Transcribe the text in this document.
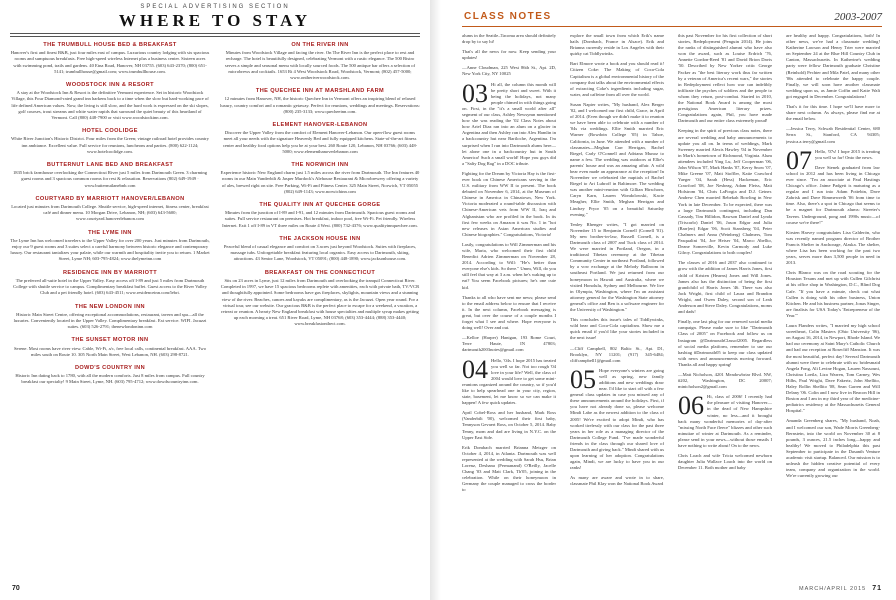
SPECIAL ADVERTISING SECTION
WHERE TO STAY
THE TRUMBULL HOUSE BED & BREAKFAST
Hanover's first and finest B&B, just four miles east of campus. Luxurious country lodging with six spacious rooms and sumptuous breakfasts. Free high-speed wireless Internet plus a business center. Sixteen acres with swimming pond, trails and gardens. 40 Etna Road, Hanover, NH 03755. (603) 643-2370; (800) 651-5141; trumbullhouse@gmail.com; www.trumbullhouse.com.
WOODSTOCK INN & RESORT
A stay at the Woodstock Inn & Resort is the definitive Vermont experience. Set in historic Woodstock Village, this Four Diamond-rated grand inn harkens back to a time when the slow but hard-working pace of life defined American values. Now, the living is still slow, and the hard work is expressed on the ski slopes, golf courses, trout streams and white water rapids that surround the quiet beauty of this heartland of Vermont. Call (800) 448-7900 or visit www.woodstockinn.com.
HOTEL COOLIDGE
White River Junction's Historic District. Four miles from the Green; vintage railroad hotel provides country inn ambiance. Excellent value. Full service for reunions, luncheons and parties. (800) 622-1124; www.hotelcoolidge.com.
BUTTERNUT LANE BED AND BREAKFAST
1835 brick farmhouse overlooking the Connecticut River just 5 miles from Dartmouth Green. 3 charming guest rooms and 3 spacious common rooms for rest & relaxation. Reservations (802) 649-1949 · www.butternutlanebnb.com
COURTYARD BY MARRIOTT HANOVER/LEBANON
Located just minutes from Dartmouth College. Shuttle service, high-speed internet, fitness center, breakfast café and dinner menu. 10 Morgan Drive, Lebanon, NH; (603) 643-5600; www.courtyard.hanoverlebanon.com
THE LYME INN
The Lyme Inn has welcomed travelers to the Upper Valley for over 200 years. Just minutes from Dartmouth, enjoy our 9 guest rooms and 3 suites select a careful harmony between historic elegance and contemporary luxury. Our restaurant tantalizes your palate, while our warmth and hospitality invite you to return. 1 Market Street, Lyme NH; 603-795-4824; www.thelymeinn.com
RESIDENCE INN BY MARRIOTT
The preferred all-suite hotel in the Upper Valley. Easy access off I-89 and just 5 miles from Dartmouth College with shuttle service to campus. Complimentary breakfast buffet. Guest access to the River Valley Club and a pet friendly hotel. (603) 643-4511; www.residenceinn.com/lebri.
THE NEW LONDON INN
Historic Main Street Centre, offering exceptional accommodations, restaurant, tavern and spa—all the luxuries. Conveniently located in the Upper Valley. Complimentary breakfast. Ext service. WIFI. Jacuzzi suites. (603) 526-2791; thenewlondoninn.com
THE SUNSET MOTOR INN
Serene. Most rooms have river view. Cable, Wi-Fi, a/c, free local calls, continental breakfast. AAA. Two miles south on Route 10. 305 North Main Street, West Lebanon, NH. (603) 298-8721.
DOWD'S COUNTRY INN
Historic Inn dating back to 1780, with all the modern comforts. Just 8 miles from campus. Full country breakfast our specialty! 9 Main Street, Lyme, NH. (603) 795-4712; www.dowdscountryinn.com.
ON THE RIVER INN
Minutes from Woodstock Village and facing the river. On The River Inn is the perfect place to rest and recharge. The hotel is beautifully designed, celebrating Vermont with a rustic elegance. The 500 Bistro serves a simple and seasonal menu with locally sourced foods. The 500 antique bar offers a selection of microbrews and cocktails. 1653 Rt 4 West Woodstock Road, Woodstock, Vermont; (802) 457-5000; www.ontheriverwoodstock.com.
THE QUECHEE INN AT MARSHLAND FARM
12 minutes from Hanover, NH, the historic Quechee Inn in Vermont offers an inspiring blend of relaxed luxury, country comfort and a romantic getaway. Perfect for reunions, weddings and meetings. Reservations: (800) 235-3133; www.quecheeinn.com.
ELEMENT HANOVER-LEBANON
Discover the Upper Valley from the comfort of Element Hanover-Lebanon. Our open-flow guest rooms meet all your needs with the signature Heavenly Bed and fully equipped kitchens. State-of-the-art fitness center and healthy food options help you be at your best. 260 Route 120, Lebanon, NH 03766; (603) 448-5000; www.elementhanoverlebanon.com
THE NORWICH INN
Experience historic New England charm just 1.5 miles across the river from Dartmouth. The Inn features 40 rooms in our Main Vanderbilt & Jasper Murdock's Alehouse Restaurant & Microbrewery offering a variety of ales, brewed right on site. Free Parking, Wi-Fi and Fitness Center. 325 Main Street, Norwich, VT 05055 (802) 649-1143; www.norwichinn.com
THE QUALITY INN AT QUECHEE GORGE
Minutes from the junction of I-89 and I-91, and 12 minutes from Dartmouth. Spacious guest rooms and suites. Full service restaurant on premises. Hot breakfast, indoor pool, free Wi-Fi. Pet friendly. Wireless Internet. Exit 1 off I-89 in VT three miles on Route 4 West. (800) 732-4376; www.qualityinnquechee.com.
THE JACKSON HOUSE INN
Peaceful blend of casual elegance and comfort on 3 acres just beyond Woodstock. Suites with fireplaces, massage tubs. Unforgettable breakfast featuring local organics. Easy access to Dartmouth, skiing, attractions. 43 Senior Lane, Woodstock, VT 05091; (800) 448-1890; www.jacksonhouse.com.
BREAKFAST ON THE CONNECTICUT
Sits on 23 acres in Lyme, just 12 miles from Dartmouth and overlooking the tranquil Connecticut River. Completed in 1997, we have 15 spacious bedrooms replete with amenities, each with private bath, TV/VCR and thoughtfully appointed. Some bedrooms have gas fireplaces, skylights, mountain views and a stunning view of the river. Beaches, canoes and kayaks are complimentary, as is the Jacuzzi. Open year round. For a virtual tour, see our website. Our gracious B&B is the perfect place to escape for a weekend, a vacation, a retreat or reunion. A hearty New England breakfast with house specialties and multiple syrup makes getting up each morning a treat. 651 River Road, Lyme, NH 03768; (603) 353-4444; (888) 353-4440; www.breakfastonthect.com.
70
CLASS NOTES	2003-2007

alums in the Seattle–Tacoma area should definitely drop by to say hi!

That's all the news for now. Keep sending your updates!

—Anne Cloudman, 225 West 86th St., Apt. 2D, New York City, NY 10025

03 Hi all, the column this month will be pretty short and sweet. With it being the holidays, not many people chimed in with things going on. First, in the "it's a small world after all" segment of our class, Ashley Newsymn mentioned how she was reading the '02 Class Notes about how Ariel Diaz ran into an alum on a glacier in Argentina and then Ashley ran into Alex Hamlin in a backcountry hut near Bariloche, Argentina. I'm surprised when I run into Dartmouth alums here—let alone one in a backcountry hut in South America! Such a small world! Hope you guys did a "Salty Dog Rag" in a DOC tribute.

Fighting for the Dream by Victoria Hay is the first-ever book on Chinese Americans serving in the U.S. military from WW II to present. The book debuted on November 6, 2014, at the Museum of Chinese in America in Chinatown, New York. Victoria moderated a round-table discussion with Chinese-American vets from WW II, Iraq and Afghanistan who are profiled in the book. In its first few weeks on Amazon it was No. 1 in "hot new releases in Asian American studies and Chinese biographies." Congratulations, Victoria!

Lastly, congratulations to Will Zimmerman and his wife, Maria, who welcomed their first child Benedict Adrien Zimmerman on November 28, 2014. According to Will: "He's better than everyone else's kids. So there." Umm, Will, do you still feel that way at 3 a.m. when he's waking up to eat? You seem Facebook pictures; he's one cute kid.

Thanks to all who have sent me news; please send to the email address below to ensure that I receive it. In the next column, Facebook messaging is great, but over the course of a couple months I forget what I see and where. Hope everyone is doing well! Over and out.

—Kelloe (Harper) Hanigan, 193 Rome Court, Terre Haute, IN 47803; dartmouth2003notes@gmail.com

04 Hello, '04s. I hope 2015 has treated you well so far. Not too rough '04 love in your life? Well, the class of 2004 would love to get some mini-reunions organized around the country, so if you'd like to help spearhead one in your city, region, state, basement, let me know so we can make it happen! A few quick updates.

April Cobel-Ross and her husband, Mark Ross (Vanderbilt '00), welcomed their first baby, Tennyson Gevaert Ross, on October 5, 2014. Baby Tenny, mom and dad are living in N.Y.C. on the Upper East Side.

Erik Dombach married Brianna Metzger on October 4, 2014, in Atlanta. Dartmouth was well represented at the wedding with Sarah Hsu, Brian Lorenz, Deshana (Permanand) O'Reilly, Jacelle Chang '03 and Matt Clark, Th'05, joining in the celebration. While on their honeymoon in Germany the couple managed to cross the border to

explore the small town from which Erik's name hails (Dornbach, France in Alsace). Erik and Brianna currently reside in Los Angeles with their quirky cat Tiddlywinks.

Bart Elmore wrote a book and you should read it! Citizen Coke: The Making of Coca-Cola Capitalism is a global environmental history of the company that talks about the environmental effects of extracting Coke's ingredients including sugar, water, and caffeine from all over the world.

Susan Napier writes, "My husband, Alex Berger '02, and I welcomed our first child, Grace, in April of 2014. (Even though we didn't make it to reunion we have been able to celebrate with a number of '04s via weddings. Ellie Smith married Eric Warner (Bowdoin College '05) in Tahoe, California, in June. We attended with a number of classmates—Meghan Carr Herrigan, Rachel Riegel, Carly O'Connell and Adriana Munoz to name a few. The wedding was outdoors at Ellie's parents' house and was an amazing affair. A wild bear even made an appearance at the reception! In November we celebrated the nuptials of Rachel Riegel to Ari Lubroff in Baltimore. The wedding was another mini-reunion with Gillian Hirschorn, Caryn Karn, Lauren Wondolowski, Kacie Meagher, Ellie Smith, Meghan Herrigan and Lindsey Pryor '05 on a beautiful Saturday evening."

Tenley Rhenger writes, "I got married on November 15 to Benjamin Cornell (Cornell '01). My new brother-in-law, Russell Cornell, is a Dartmouth class of 2007 and Tuck class of 2014. We were married in Portland, Oregon, in a traditional Tibetan ceremony at the Tibetan Community Center in northeast Portland, followed by a vow exchange at the Melody Ballroom in southeast Portland. We just returned from our honeymoon in Hawaii and Australia, where we visited Honolulu, Sydney and Melbourne. We live in Olympia, Washington, where I'm an assistant attorney general for the Washington State attorney general's office and Ben is a software engineer for the University of Washington."

This concludes this issue's tales of Tiddlywinks, wild bear and Coca-Cola capitalism. Show me a quick email if you'd like your stories included in the next issue!

—Cliff Campbell, 802 Baltic St., Apt. D1, Brooklyn, NY 11201; (917) 345-6484; cliffcampbell1@gmail.com

05 Hope everyone's winters are going well as spring, new family additions and new weddings draw near. I'd like to start off with a few general class updates in case you missed any of these announcements around the holidays. First, if you have not already done so, please welcome Mindi Labe as the newest addition to the class of 2005! We're excited to adopt Mindi, who has worked tirelessly with our class for the past three years in her role as a managing director of the Dartmouth College Fund. "I've made wonderful friends in the class through our shared love of Dartmouth and giving back." Mindi shared with us upon learning of her adoption. Congratulations again, Mindi, we are lucky to have you in our ranks!

As many are aware and wrote in to share, classmate Phil Klay won the National Book Award

this past November for his first collection of short stories, Redeployment (Penguin 2014). He joins the ranks of distinguished alumni who have also won the award, such as Louise Erdrich '76, Annette Gordon-Reed '81 and David Brion Davis '50. Described by New Yorker critic George Packer as "the best literary work thus far written by a veteran of America's recent wars," the stories in Redeployment reflect how war can indelibly infiltrate the psyches of soldiers and the people to whom they return, post-combat. Started in 2010, the National Book Award is among the most prestigious American literary prizes. Congratulations again, Phil, you have made Dartmouth and our entire class extremely proud!

Keeping in the spirit of previous class notes, there are several wedding and baby announcements to update you all on. In terms of weddings, Mark Sweeney married Alexis Hawley '04 in November in Mark's hometown of Richmond, Virginia. Alum attendees included Ying Lu, Jeff Cooperman '06, John Wilson '07, Mark Hanks '07, Kerry Snow '07, Mike Greene '07, Matt Stoffler, Katie Crawford Yaeger '04, Sarah (Hess) Hackeman, Eric Crawford '08, Joe Nesbeag, Adam Fleiss, Matt Holstrom '04, Chris LaForgia and D.J. Geiner. Andrew Chen married Rebekah Bowling in New York in late December. To be expected, there was a large Dartmouth contingent, including Dan Cassady, Tim Hillidon, Rawson Daniel and Lynda (Triscarlo) Daniel '06, Jason Edgar and Julia (Barr)en) Edgar '06, Scott Stansberg '04, Peter Chalmers and Anna (Weinberg) Chalmers, Tom Pasqualini '04, Joe Heiser '04, Marco Abellto, Deane Somerville, Kevin Carmody and Luke Gilroy. Congratulations to both couples!

The classes of 2016 and 2037 also continued to grow with the addition of James Harris Jones, first child of Kristen (Hearns) Jones and Will Jones. James also has the distinction of being the first grandchild of Harris Jones '46. There was also Jack Wright, first child of Laura and Brandon Wright, and Owen Daley, second son of Leah Anderson and Steve Daley. Congratulations, moms and dads!

Finally, one last plug for our renewed social media campaign. Please make sure to like "Dartmouth Class of 2005" on Facebook and follow us on Instagram @DartmouthClassof2005. Regardless of social media platform, remember to use our hashtag #Dartmouth05 to keep our class updated with news and announcements moving forward. Thanks all and happy spring!

—Matt Nicholson, 4201 Meadowbriar Blvd. NW, #202, Washington, DC 20007; mtnicholson2@gmail.com

06 Hi, class of 2006! I recently had the pleasure of visiting Hanover—in the dead of New Hampshire winter, no less—and it brought back many wonderful memories of day-after "missing North Face fleece" blizzes and other such minutiae of winter at Dartmouth. As a reminder, please send in your news—without those emails I have nothing to write about! On to the news.

Chris Loach and wife Tricia welcomed newborn daughter Julia Wallace Loach into the world on December 11. Both mother and baby

are healthy and happy. Congratulations, both! In other news, we've had a classmate wedding! Katherine Lawson and Henry Trier were married on September 24 at the Blue Hill Country Club in Canton, Massachusetts. In Katherine's wedding party were fellow Dartmouth graduate Christine (Reinhold) Pechter and Mila Patel, and many other '06s attended to celebrate the happy couple. Finally, we will soon have another classmate wedding upon us, as Jamie Coffin and Katie Walt got engaged in December. Congratulations!

That's it for this time. I hope we'll have more to share next column. As always, please find me at the email below.

—Jessica Terry, Schwab Residential Center, 680 Serra St., Stanford, CA 94305; jessica.a.terry@gmail.com

07 Hello, '07s! I hope 2015 is treating you well so far! Onto the news.

Dave Stenek graduated from law school in 2012 and has been living in Chicago ever since. "I'm an associate at Paul Hastings Chicago's office. Jaime Padgett is maturing as a regular and I run into Adam Pottebin, Dave Zabrisk and Dave Rimmewreth '06 from time to time. Also, there's a spot in Chicago that seems to be a magnet for Dartmouth alums: Streeter's Tavern. Underground, pong and 1990s music—of course we're there!"

Kirsten Harvey congratulates Lisa Calderón, who was recently named program director of Brother Francis Shelter in Anchorage, Alaska. The shelter, where Lisa has been working for the past two years, serves more than 3,500 people in need in 2013.

Chris Blanco was on the road scouting for the Houston Texans and met up with Cullen Gilchrist at his office shop in Washington, D.C., Blind Dog Cafe. "If you have a minute, check out what Cullen is doing with his other business, Union Kitchen. He and his business partner, Jonas Singer, are finalists for USA Today's 'Entrepreneur of the Year.'"

Laura Flanders writes, "I married my high school sweetheart, Colin Masters (Ohio University '06), on August 16, 2014, in Newport, Rhode Island. We had our ceremony at Saint Mary's Catholic Church and had our reception at Rosecliff Mansion. It was the most beautiful, perfect day! Several Dartmouth alumni were there to celebrate with us: bridesmaid Angela Fong, Ali Levine Hogan, Lauren Nassouni, Christina Loeila, Liza Warren, Tom Carney, Wes Hilbs, Paul Wright, Dave Fakertz, John Shellito, Haley Rollin Shellito '08, Sean Garren and Will Delany '06. Colin and I now live in Beacon Hill in Boston and I am in my third year of the medicine-pediatrics residency at the Massachusetts General Hospital."

Amanda Greenberg shares, "My husband, Noah, and I welcomed our son, Wade Morris Greenberg-Bernstein, into the world on November 30 at 8 pounds, 3 ounces, 21.5 inches long—happy and healthy! We moved to Philadelphia this past September to participate in the Dasanth Venture academic visit startup. Balanced. Our mission is to unleash the hidden creative potential of every team, company and organization in the world. We're currently growing our

MARCH/APRIL 2015 71
